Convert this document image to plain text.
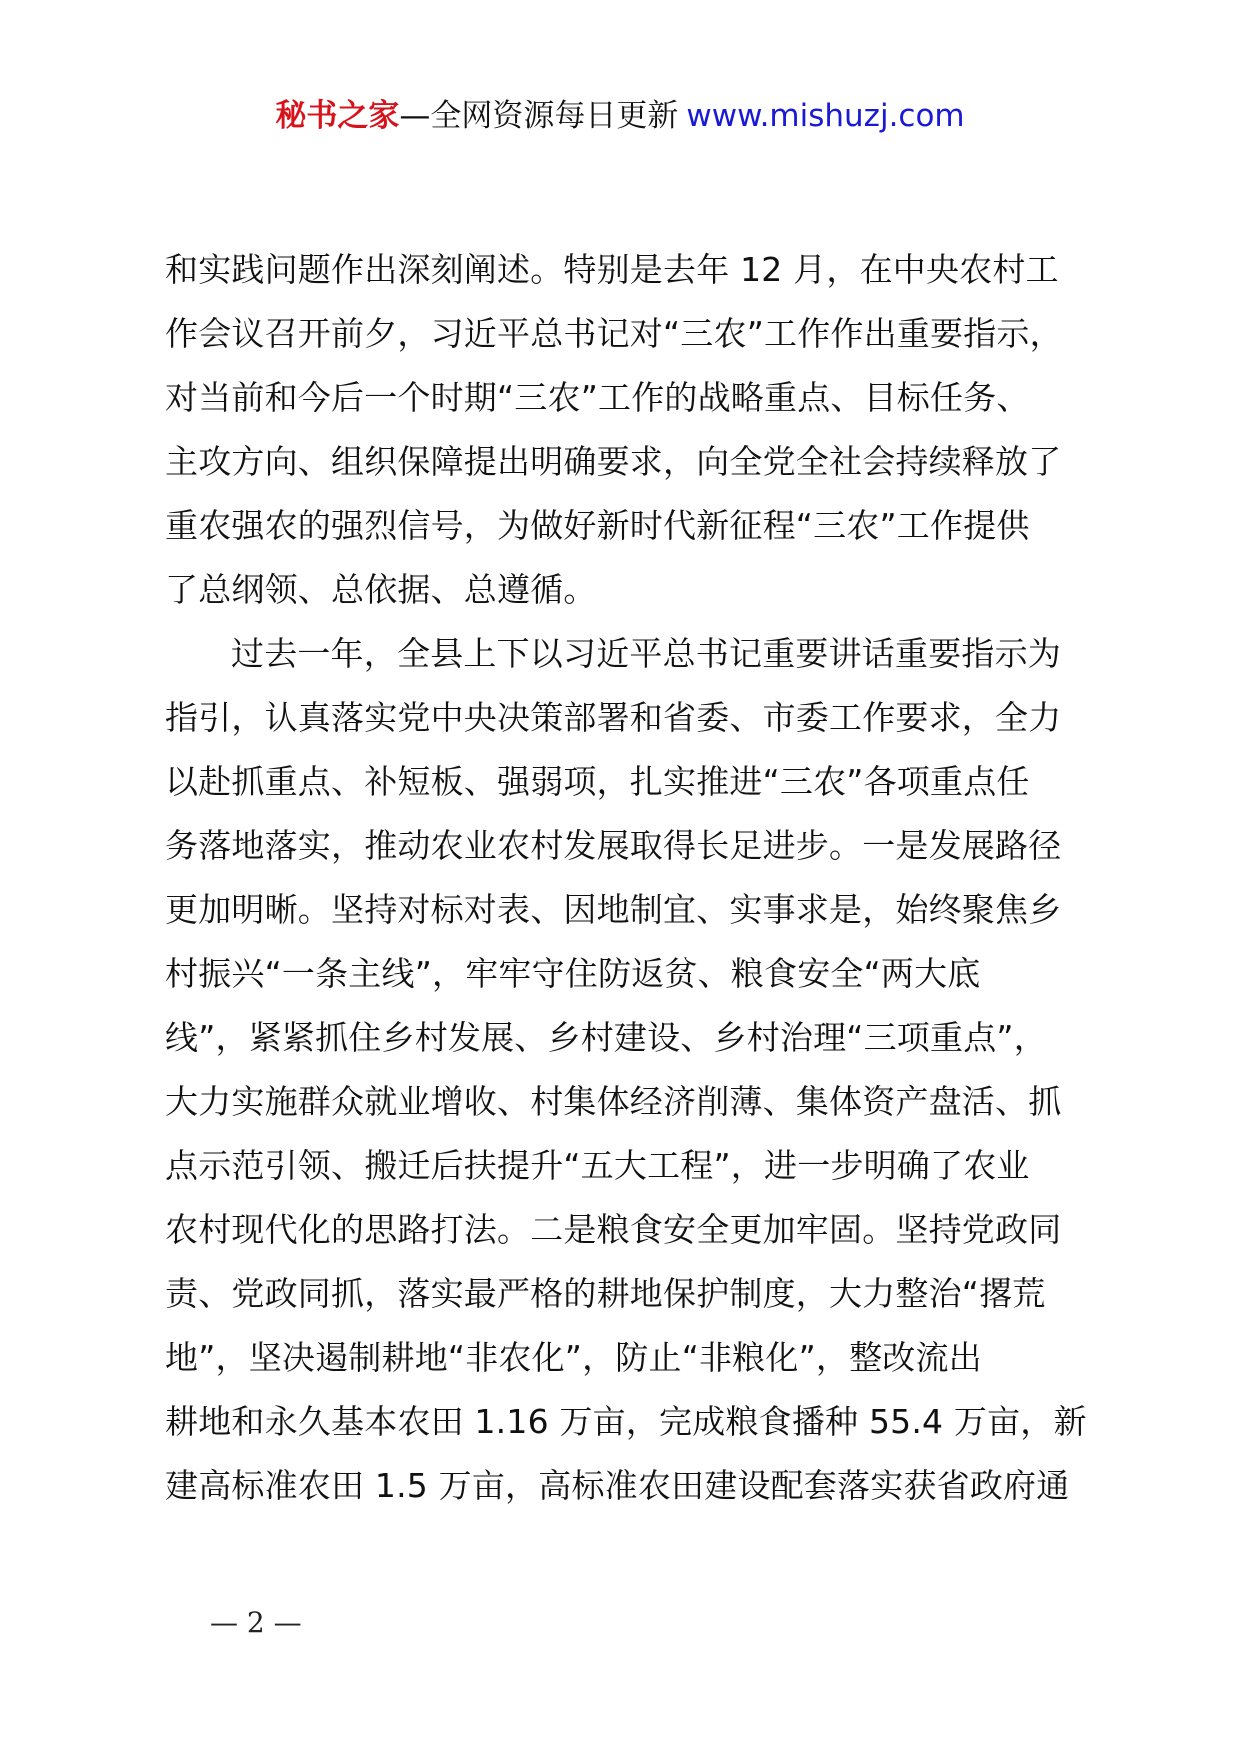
秘书之家—全网资源每日更新 www.mishuzj.com
和实践问题作出深刻阐述。特别是去年 12 月，在中央农村工
作会议召开前夕，习近平总书记对“三农”工作作出重要指示，
对当前和今后一个时期“三农”工作的战略重点、目标任务、
主攻方向、组织保障提出明确要求，向全党全社会持续释放了
重农强农的强烈信号，为做好新时代新征程“三农”工作提供
了总纲领、总依据、总遵循。
过去一年，全县上下以习近平总书记重要讲话重要指示为
指引，认真落实党中央决策部署和省委、市委工作要求，全力
以赴抓重点、补短板、强弱项，扎实推进“三农”各项重点任
务落地落实，推动农业农村发展取得长足进步。一是发展路径
更加明晰。坚持对标对表、因地制宜、实事求是，始终聚焦乡
村振兴“一条主线”，牢牢守住防返贫、粮食安全“两大底
线”，紧紧抓住乡村发展、乡村建设、乡村治理“三项重点”，
大力实施群众就业增收、村集体经济削薄、集体资产盘活、抓
点示范引领、搬迁后扶提升“五大工程”，进一步明确了农业
农村现代化的思路打法。二是粮食安全更加牢固。坚持党政同
责、党政同抓，落实最严格的耕地保护制度，大力整治“撂荒
地”，坚决遏制耕地“非农化”，防止“非粮化”，整改流出
耕地和永久基本农田 1.16 万亩，完成粮食播种 55.4 万亩，新
建高标准农田 1.5 万亩，高标准农田建设配套落实获省政府通
— 2 —
